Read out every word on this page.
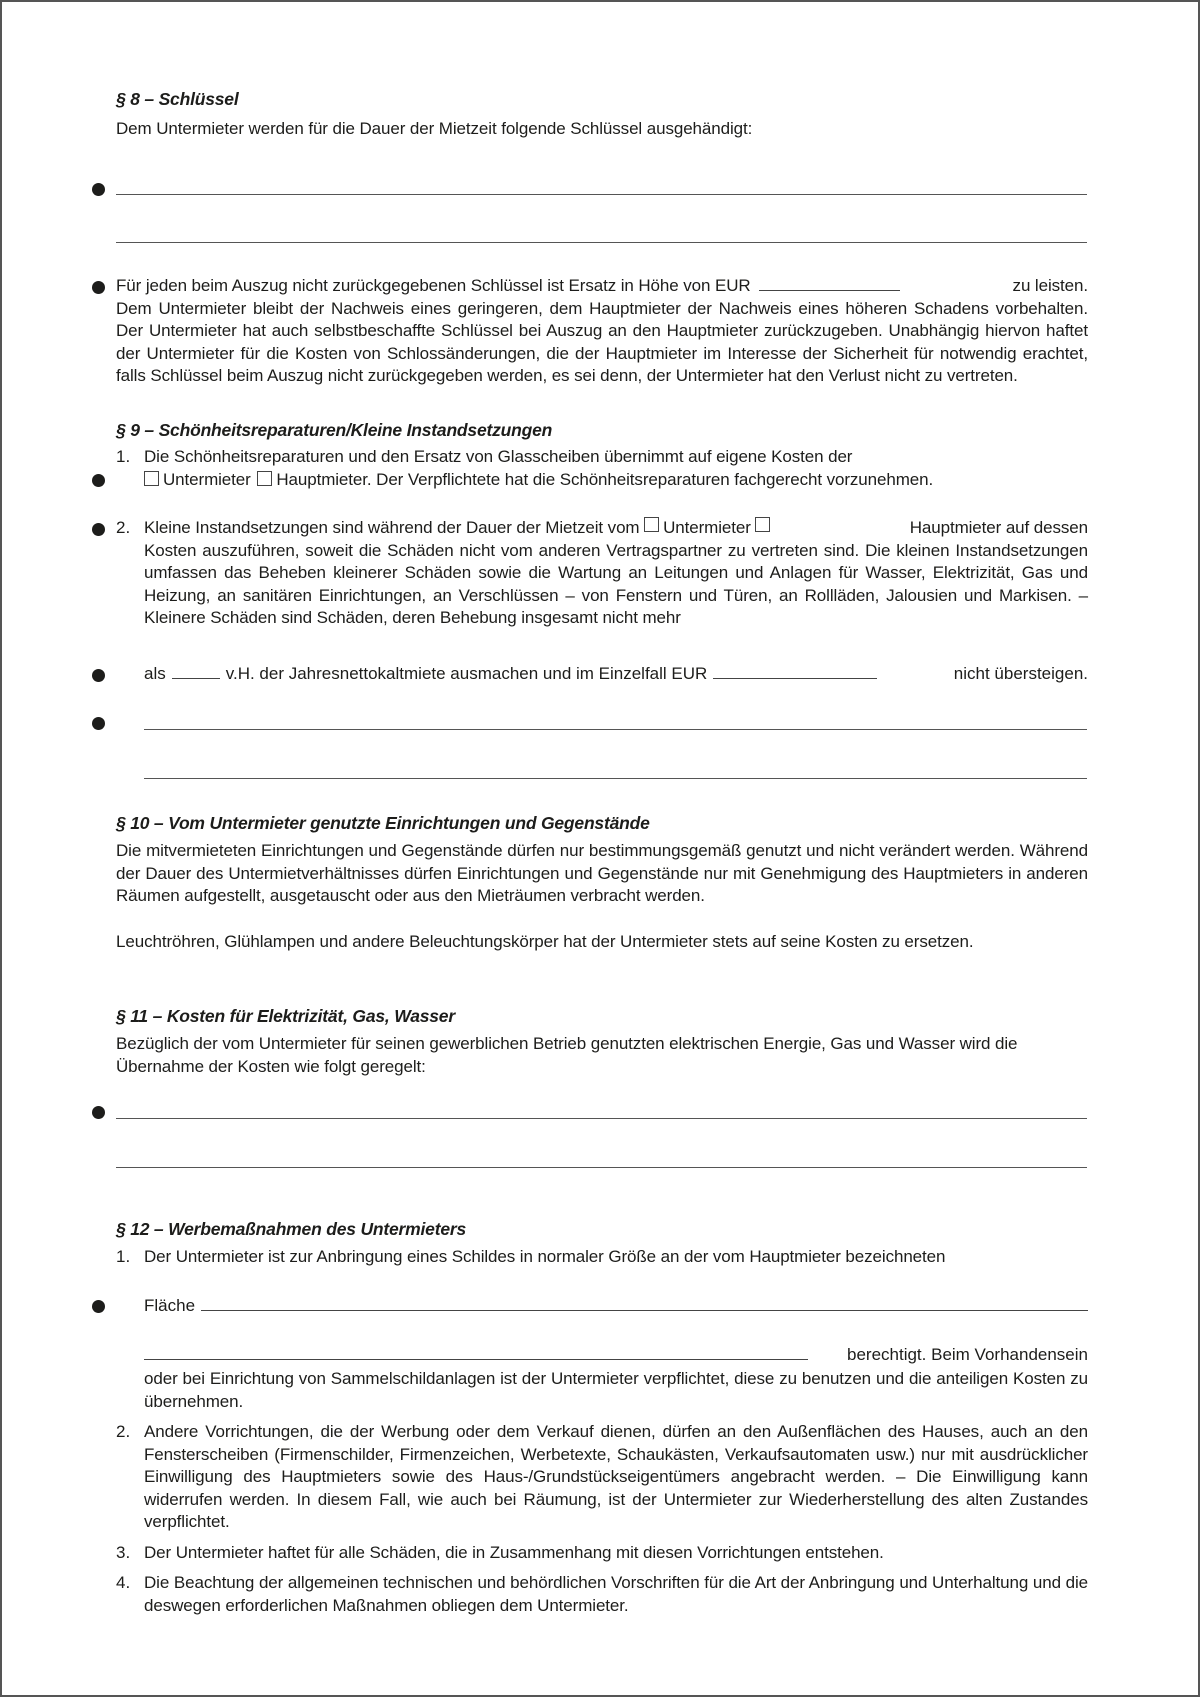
§ 8 – Schlüssel
Dem Untermieter werden für die Dauer der Mietzeit folgende Schlüssel ausgehändigt:
Für jeden beim Auszug nicht zurückgegebenen Schlüssel ist Ersatz in Höhe von EUR	zu leisten.
Dem Untermieter bleibt der Nachweis eines geringeren, dem Hauptmieter der Nachweis eines höheren Schadens vorbehalten. Der Untermieter hat auch selbstbeschaffte Schlüssel bei Auszug an den Hauptmieter zurückzugeben. Unabhängig hiervon haftet der Untermieter für die Kosten von Schlossänderungen, die der Hauptmieter im Interesse der Sicherheit für notwendig erachtet, falls Schlüssel beim Auszug nicht zurückgegeben werden, es sei denn, der Untermieter hat den Verlust nicht zu vertreten.
§ 9 – Schönheitsreparaturen/Kleine Instandsetzungen
1. Die Schönheitsreparaturen und den Ersatz von Glasscheiben übernimmt auf eigene Kosten der
Untermieter Hauptmieter. Der Verpflichtete hat die Schönheitsreparaturen fachgerecht vorzunehmen.
2. Kleine Instandsetzungen sind während der Dauer der Mietzeit vom
Untermieter
	Hauptmieter auf dessen
Kosten auszuführen, soweit die Schäden nicht vom anderen Vertragspartner zu vertreten sind. Die kleinen Instandsetzungen umfassen das Beheben kleinerer Schäden sowie die Wartung an Leitungen und Anlagen für Wasser, Elektrizität, Gas und Heizung, an sanitären Einrichtungen, an Verschlüssen – von Fenstern und Türen, an Rollläden, Jalousien und Markisen. – Kleinere Schäden sind Schäden, deren Behebung insgesamt nicht mehr
als	v.H. der Jahresnettokaltmiete ausmachen und im Einzelfall EUR	nicht übersteigen.
§ 10 – Vom Untermieter genutzte Einrichtungen und Gegenstände
Die mitvermieteten Einrichtungen und Gegenstände dürfen nur bestimmungsgemäß genutzt und nicht verändert werden. Während der Dauer des Untermietverhältnisses dürfen Einrichtungen und Gegenstände nur mit Genehmigung des Hauptmieters in anderen Räumen aufgestellt, ausgetauscht oder aus den Mieträumen verbracht werden.
Leuchtröhren, Glühlampen und andere Beleuchtungskörper hat der Untermieter stets auf seine Kosten zu ersetzen.
§ 11 – Kosten für Elektrizität, Gas, Wasser
Bezüglich der vom Untermieter für seinen gewerblichen Betrieb genutzten elektrischen Energie, Gas und Wasser wird die Übernahme der Kosten wie folgt geregelt:
§ 12 – Werbemaßnahmen des Untermieters
1. Der Untermieter ist zur Anbringung eines Schildes in normaler Größe an der vom Hauptmieter bezeichneten
Fläche
berechtigt. Beim Vorhandensein
oder bei Einrichtung von Sammelschildanlagen ist der Untermieter verpflichtet, diese zu benutzen und die anteiligen Kosten zu übernehmen.
2. Andere Vorrichtungen, die der Werbung oder dem Verkauf dienen, dürfen an den Außenflächen des Hauses, auch an den Fensterscheiben (Firmenschilder, Firmenzeichen, Werbetexte, Schaukästen, Verkaufsautomaten usw.) nur mit ausdrücklicher Einwilligung des Hauptmieters sowie des Haus-/Grundstückseigentümers angebracht werden. – Die Einwilligung kann widerrufen werden. In diesem Fall, wie auch bei Räumung, ist der Untermieter zur Wiederherstellung des alten Zustandes verpflichtet.
3. Der Untermieter haftet für alle Schäden, die in Zusammenhang mit diesen Vorrichtungen entstehen.
4. Die Beachtung der allgemeinen technischen und behördlichen Vorschriften für die Art der Anbringung und Unterhaltung und die deswegen erforderlichen Maßnahmen obliegen dem Untermieter.
